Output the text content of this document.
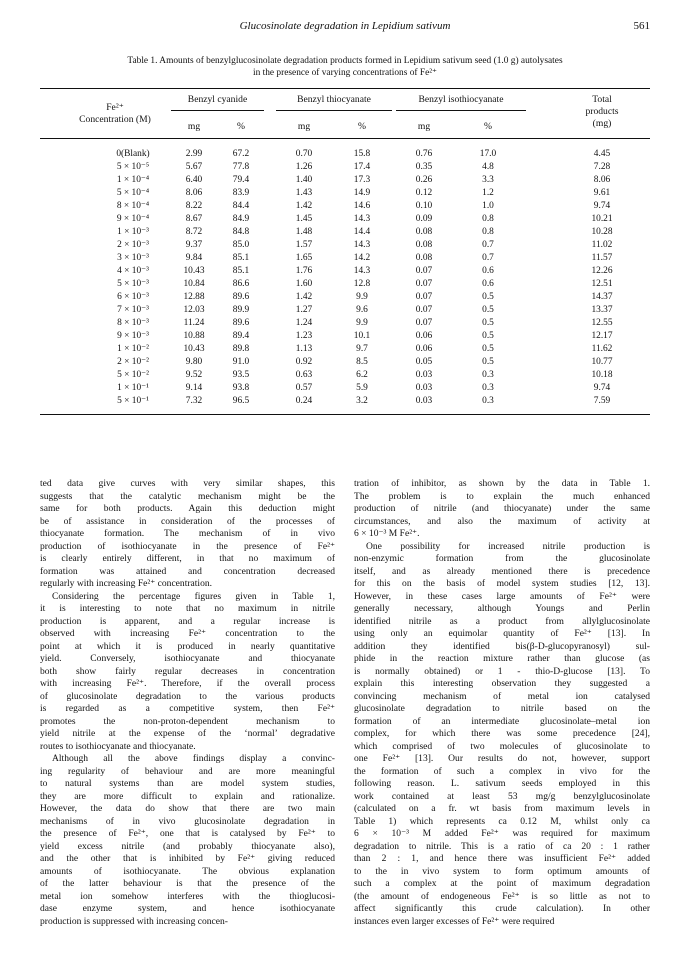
Glucosinolate degradation in Lepidium sativum	561
Table 1. Amounts of benzylglucosinolate degradation products formed in Lepidium sativum seed (1.0 g) autolysates
in the presence of varying concentrations of Fe²⁺
Fe²⁺
Concentration (M)
Benzyl cyanide	Benzyl thiocyanate	Benzyl isothiocyanate	Total
products
(mg)
mg	%	mg	%	mg	%
0(Blank)	2.99	67.2	0.70	15.8	0.76	17.0	4.45
5 × 10⁻⁵	5.67	77.8	1.26	17.4	0.35	4.8	7.28
1 × 10⁻⁴	6.40	79.4	1.40	17.3	0.26	3.3	8.06
5 × 10⁻⁴	8.06	83.9	1.43	14.9	0.12	1.2	9.61
8 × 10⁻⁴	8.22	84.4	1.42	14.6	0.10	1.0	9.74
9 × 10⁻⁴	8.67	84.9	1.45	14.3	0.09	0.8	10.21
1 × 10⁻³	8.72	84.8	1.48	14.4	0.08	0.8	10.28
2 × 10⁻³	9.37	85.0	1.57	14.3	0.08	0.7	11.02
3 × 10⁻³	9.84	85.1	1.65	14.2	0.08	0.7	11.57
4 × 10⁻³	10.43	85.1	1.76	14.3	0.07	0.6	12.26
5 × 10⁻³	10.84	86.6	1.60	12.8	0.07	0.6	12.51
6 × 10⁻³	12.88	89.6	1.42	9.9	0.07	0.5	14.37
7 × 10⁻³	12.03	89.9	1.27	9.6	0.07	0.5	13.37
8 × 10⁻³	11.24	89.6	1.24	9.9	0.07	0.5	12.55
9 × 10⁻³	10.88	89.4	1.23	10.1	0.06	0.5	12.17
1 × 10⁻²	10.43	89.8	1.13	9.7	0.06	0.5	11.62
2 × 10⁻²	9.80	91.0	0.92	8.5	0.05	0.5	10.77
5 × 10⁻²	9.52	93.5	0.63	6.2	0.03	0.3	10.18
1 × 10⁻¹	9.14	93.8	0.57	5.9	0.03	0.3	9.74
5 × 10⁻¹	7.32	96.5	0.24	3.2	0.03	0.3	7.59
ted data give curves with very similar shapes, this
suggests that the catalytic mechanism might be the
same for both products. Again this deduction might
be of assistance in consideration of the processes of
thiocyanate formation. The mechanism of in vivo
production of isothiocyanate in the presence of Fe²⁺
is clearly entirely different, in that no maximum of
formation was attained and concentration decreased
regularly with increasing Fe²⁺ concentration.
Considering the percentage figures given in Table 1,
it is interesting to note that no maximum in nitrile
production is apparent, and a regular increase is
observed with increasing Fe²⁺ concentration to the
point at which it is produced in nearly quantitative
yield. Conversely, isothiocyanate and thiocyanate
both show fairly regular decreases in concentration
with increasing Fe²⁺. Therefore, if the overall process
of glucosinolate degradation to the various products
is regarded as a competitive system, then Fe²⁺
promotes the non-proton-dependent mechanism to
yield nitrile at the expense of the ‘normal’ degradative
routes to isothiocyanate and thiocyanate.
Although all the above findings display a convinc-
ing regularity of behaviour and are more meaningful
to natural systems than are model system studies,
they are more difficult to explain and rationalize.
However, the data do show that there are two main
mechanisms of in vivo glucosinolate degradation in
the presence of Fe²⁺, one that is catalysed by Fe²⁺ to
yield excess nitrile (and probably thiocyanate also),
and the other that is inhibited by Fe²⁺ giving reduced
amounts of isothiocyanate. The obvious explanation
of the latter behaviour is that the presence of the
metal ion somehow interferes with the thioglucosi-
dase enzyme system, and hence isothiocyanate
production is suppressed with increasing concen-
tration of inhibitor, as shown by the data in Table 1.
The problem is to explain the much enhanced
production of nitrile (and thiocyanate) under the same
circumstances, and also the maximum of activity at
6 × 10⁻³ M Fe²⁺.
One possibility for increased nitrile production is
non-enzymic formation from the glucosinolate
itself, and as already mentioned there is precedence
for this on the basis of model system studies [12, 13].
However, in these cases large amounts of Fe²⁺ were
generally necessary, although Youngs and Perlin
identified nitrile as a product from allylglucosinolate
using only an equimolar quantity of Fe²⁺ [13]. In
addition they identified bis(β-D-glucopyranosyl) sul-
phide in the reaction mixture rather than glucose (as
is normally obtained) or 1 - thio-D-glucose [13]. To
explain this interesting observation they suggested a
convincing mechanism of metal ion catalysed
glucosinolate degradation to nitrile based on the
formation of an intermediate glucosinolate–metal ion
complex, for which there was some precedence [24],
which comprised of two molecules of glucosinolate to
one Fe²⁺ [13]. Our results do not, however, support
the formation of such a complex in vivo for the
following reason. L. sativum seeds employed in this
work contained at least 53 mg/g benzylglucosinolate
(calculated on a fr. wt basis from maximum levels in
Table 1) which represents ca 0.12 M, whilst only ca
6 × 10⁻³ M added Fe²⁺ was required for maximum
degradation to nitrile. This is a ratio of ca 20 : 1 rather
than 2 : 1, and hence there was insufficient Fe²⁺ added
to the in vivo system to form optimum amounts of
such a complex at the point of maximum degradation
(the amount of endogeneous Fe²⁺ is so little as not to
affect significantly this crude calculation). In other
instances even larger excesses of Fe²⁺ were required
